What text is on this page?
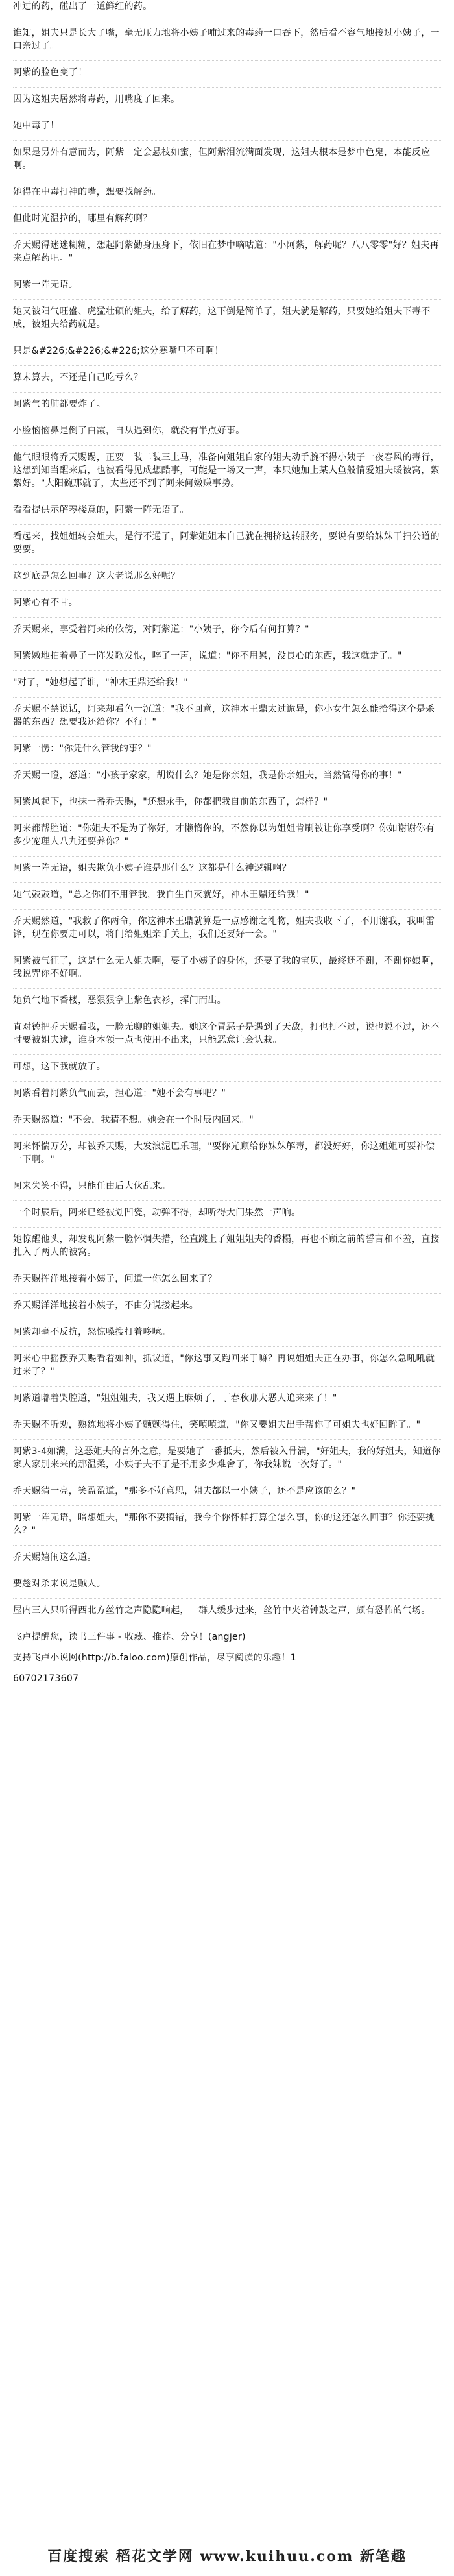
冲过的药，碰出了一道鲜红的药。

谁知，姐夫只是长大了嘴，毫无压力地将小姨子哺过来的毒药一口吞下，然后看不容气地接过小姨子，一口亲过了。

阿紫的脸色变了！

因为这姐夫居然将毒药，用嘴度了回来。

她中毒了！

如果是另外有意而为，阿紫一定会悬枝如蜜，但阿紫泪流满面发现，这姐夫根本是梦中色鬼，本能反应啊。

她得在中毒打神的嘴，想要找解药。

但此时光温拉的，哪里有解药啊？

乔天赐得迷迷糊糊，想起阿紫勤身压身下，依旧在梦中嘀咕道："小阿紫，解药呢？八八零零"好？姐夫再来点解药吧。"

阿紫一阵无语。

她又被阳气旺盛、虎猛壮硕的姐夫，给了解药，这下倒是简单了，姐夫就是解药，只要她给姐夫下毒不成，被姐夫给药就是。

只是&#226;&#226;&#226;这分寒嘴里不可啊！

算未算去，不还是自己吃亏么？

阿紫气的肺都要炸了。

小脸恼恼鼻是倒了白霞，自从遇到你，就没有半点好事。

他气眼眼将乔天赐踢，正要一装二装三上马，准备向姐姐自家的姐夫动手腕不得小姨子一夜春风的毒行，这想到知当醒来后，也被看得见成想酷事，可能是一场又一声，本只她加上某人鱼般情爱姐夫暖被窝，絮絮好。"大阳碗那就了，太些还不到了阿来何嫩赚事势。

看看提供示解琴楼意的，阿紫一阵无语了。

看起来，找姐姐转会姐夫，是行不通了，阿紫姐姐本自己就在拥挤这转服务，要说有要给妹妹干扫公道的要要。

这到底是怎么回事？这大老说那么好呢？

阿紫心有不甘。

乔天赐来，享受着阿来的依傍，对阿紫道："小姨子，你今后有何打算？"

阿紫嫩地拍着鼻子一阵发歌发恨，啐了一声，说道："你不用累，没良心的东西，我这就走了。"

"对了，"她想起了谁，"神木王鼎还给我！"

乔天赐不禁说话，阿来却看色一沉道："我不回意，这神木王鼎太过诡异，你小女生怎么能拾得这个是杀器的东西？想要我还给你？不行！"

阿紫一愣："你凭什么管我的事？"

乔天赐一瞪，怒道："小孩子家家，胡说什么？她是你亲姐，我是你亲姐夫，当然管得你的事！"

阿紫风起下，也抹一番乔天赐，"还想永手，你都把我自前的东西了，怎样？"

阿来都帮腔道："你姐夫不是为了你好，才懒惰你的，不然你以为姐姐肯刷被让你享受啊？你如谢谢你有多少宠理人八九还要养你？"

阿紫一阵无语，姐夫欺负小姨子谁是那什么？这都是什么神逻辑啊？

她气鼓鼓道，"总之你们不用管我，我自生自灭就好，神木王鼎还给我！"

乔天赐然道，"我救了你两命，你这神木王鼎就算是一点感谢之礼物，姐夫我收下了，不用谢我，我叫雷锋，现在你要走可以，将门给姐姐亲手关上，我们还要好一会。"

阿紫被气征了，这是什么无人姐夫啊，要了小姨子的身体，还要了我的宝贝，最终还不谢，不谢你娘啊，我说咒你不好啊。

她负气地下香楼，恶狠狠拿上紫色衣衫，挥门而出。

直对德把乔天赐看我，一脸无聊的姐姐夫。她这个冒恶子是遇到了天敌，打也打不过，说也说不过，还不时要被姐夫逮，谁身本领一点也使用不出来，只能恶意让会认栽。

可想，这下我就放了。

阿紫看着阿紫负气而去，担心道："她不会有事吧？"

乔天赐然道："不会，我猜不想。她会在一个时辰内回来。"

阿来怀惴万分，却被乔天赐，大发浪泥巴乐理，"要你光顾给你妹妹解毒，都没好好，你这姐姐可要补偿一下啊。"

阿来失笑不得，只能任由后大伙乱来。

一个时辰后，阿来已经被划凹瓷，动弹不得，却听得大门果然一声响。

她惊醒他头，却发现阿紫一脸怀惆失措，径直跳上了姐姐姐夫的香榻，再也不顾之前的誓言和不羞，直接扎入了两人的被窝。

乔天赐挥洋地接着小姨子，问道一你怎么回来了？

乔天赐洋洋地接着小姨子，不由分说搂起来。

阿紫却毫不反抗，怒惊嗓搜打着哆嗦。

阿来心中摇摆乔天赐看着如神，抓议道，"你这事又跑回来于嘛？再说姐姐夫正在办事，你怎么急吼吼就过来了？"

阿紫道嘟着哭腔道，"姐姐姐夫，我又遇上麻烦了，丁春秋那大恶人追来来了！"

乔天赐不听劝，熟练地将小姨子颤颤得住，笑嗔嗔道，"你又要姐夫出手帮你了可姐夫也好回眸了。"

阿紫3-4如满，这恶姐夫的言外之意，是要她了一番抵夫，然后被入骨满，"好姐夫，我的好姐夫，知道你家人家别来来的那温柔，小姨子夫不了是不用多少难舍了，你我妹说一次好了。"

乔天赐猜一亮，笑盈盈道，"那多不好意思，姐夫都以一小姨子，还不是应该的么？"

阿紫一阵无语，暗想姐夫，"那你不要搞错，我今个你怀样打算全怎么事，你的这还怎么回事？你还要挑么？"

乔天赐嬉闹这么道。

要趁对杀来说是贼人。

屋内三人只听得西北方丝竹之声隐隐响起，一群人缓步过来，丝竹中夹着钟鼓之声，颇有恐怖的气场。

飞卢提醒您，读书三件事 - 收藏、推荐、分享！(angjer)

支持飞卢小说网(http://b.faloo.com)原创作品，尽享阅读的乐趣！1

60702173607

百度搜索 稻花文学网 www.kuihuu.com 新笔趣
